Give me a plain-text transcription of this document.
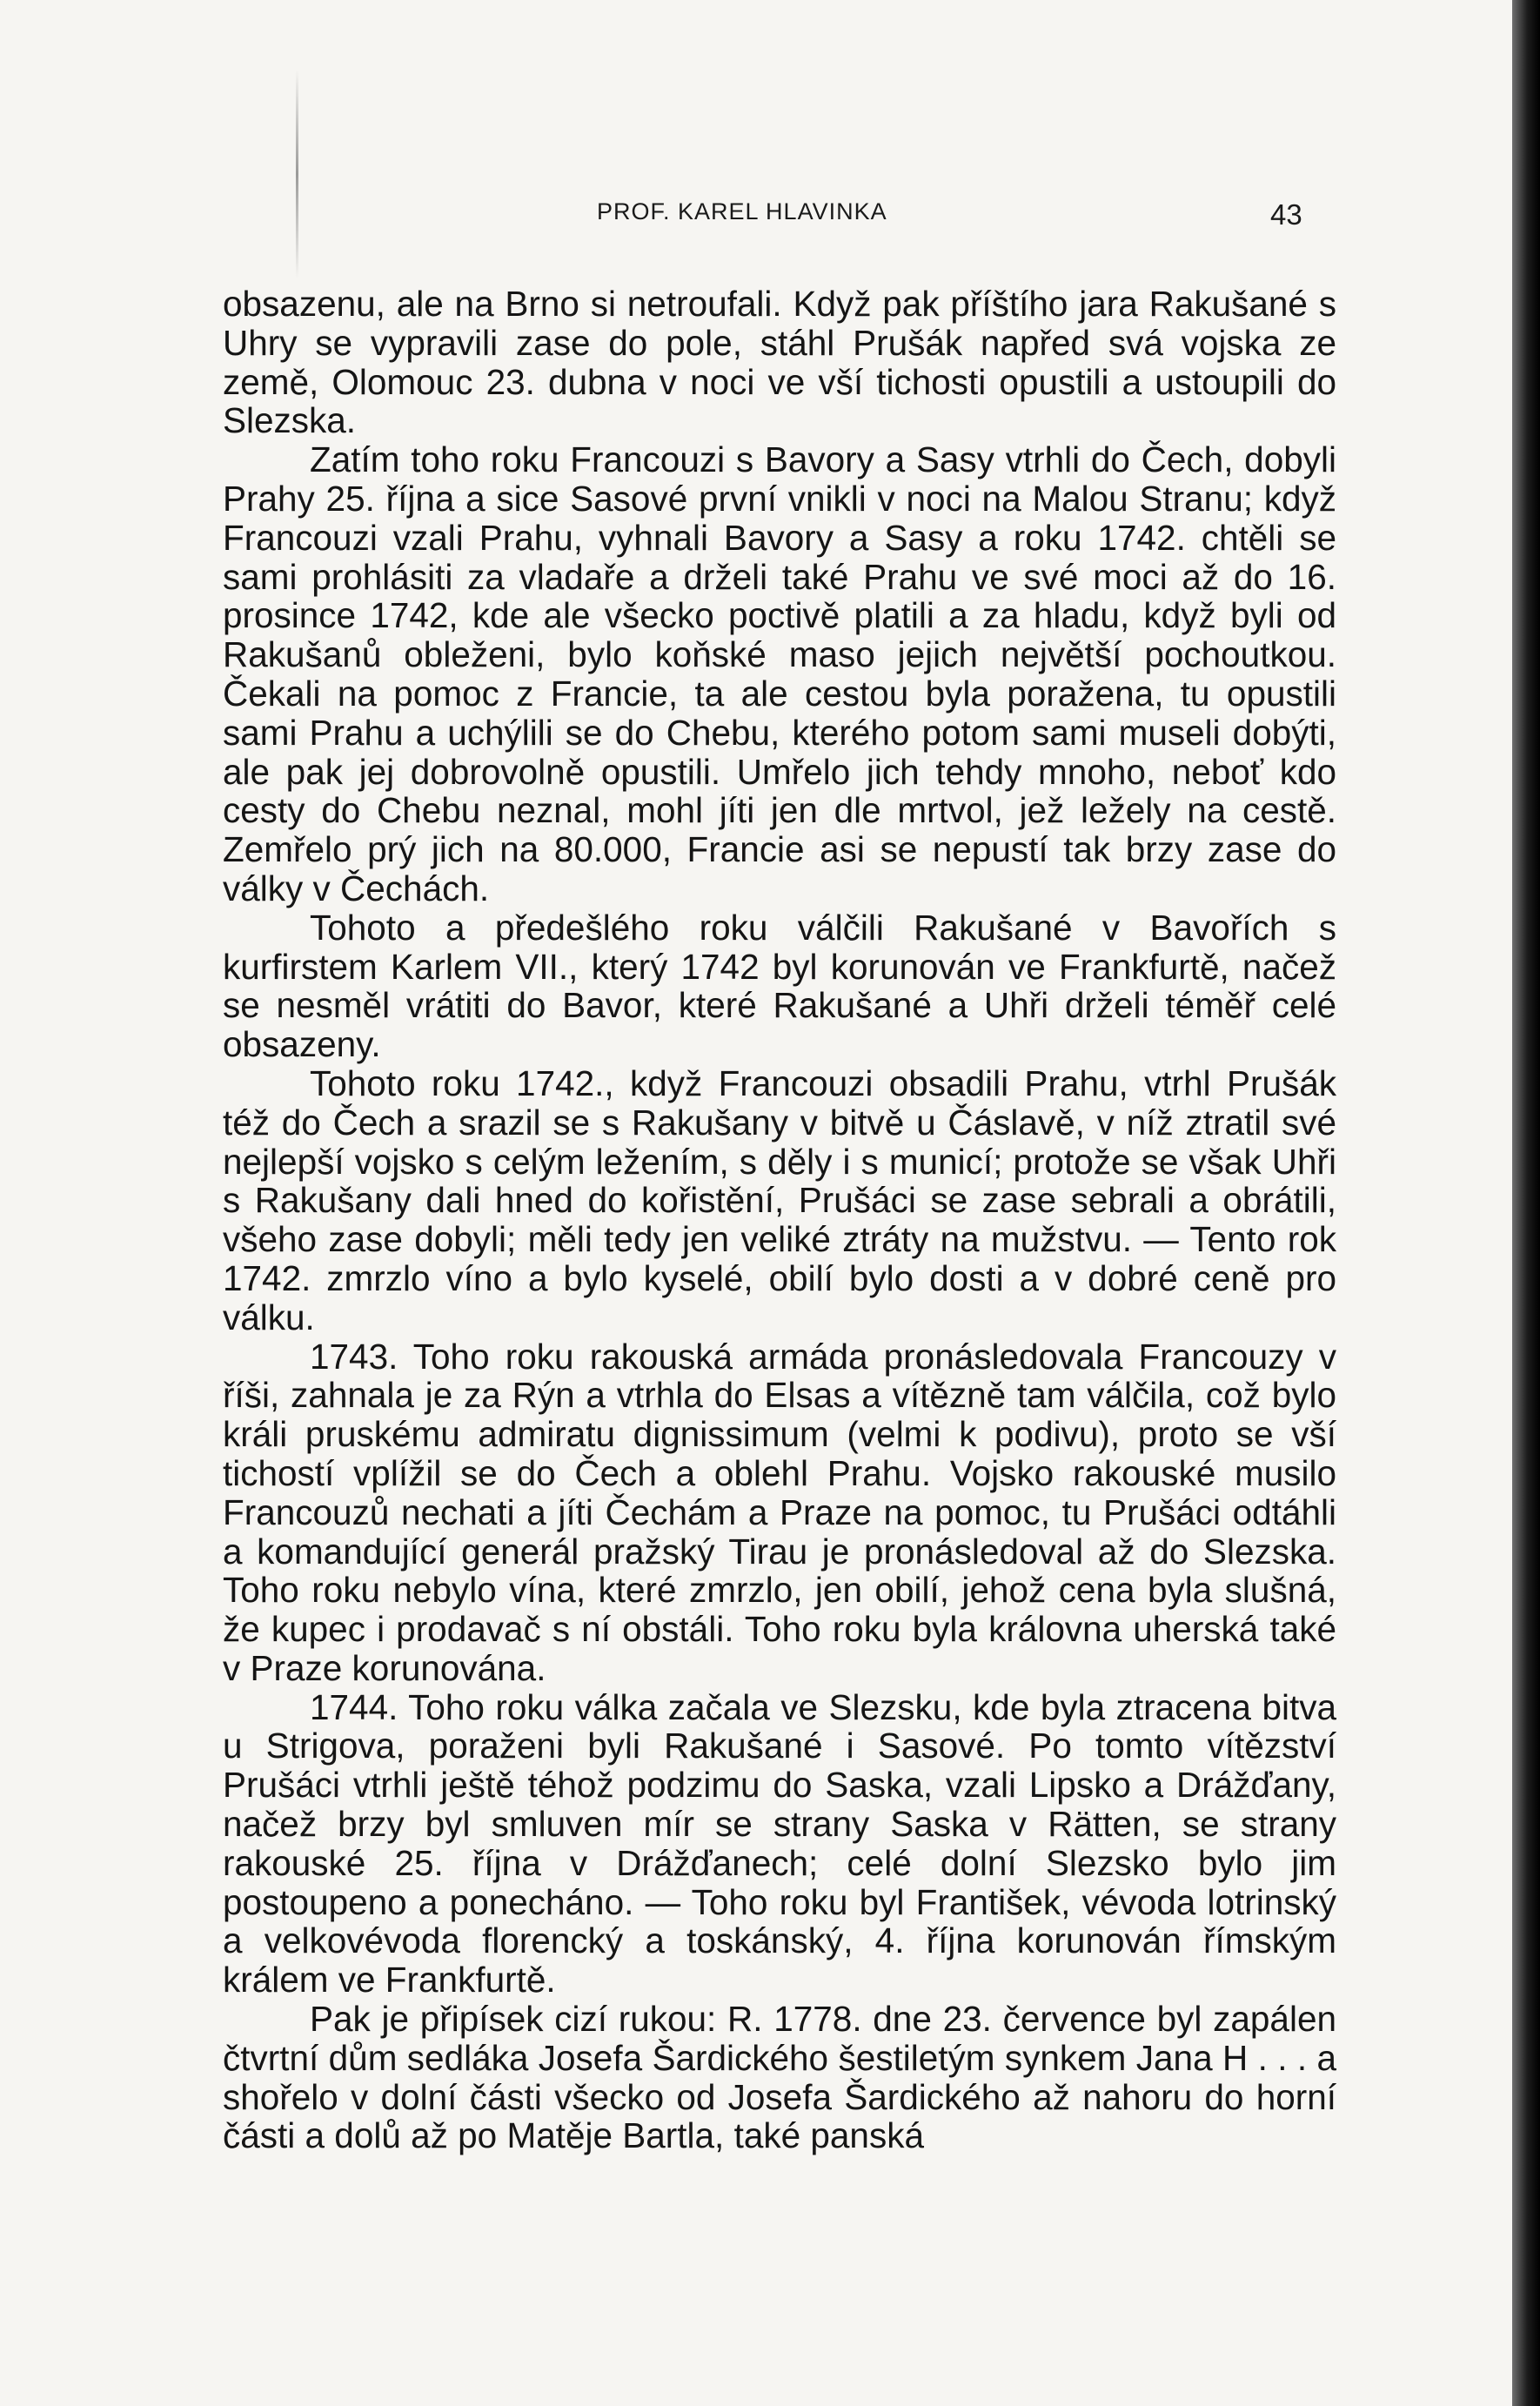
PROF. KAREL HLAVINKA	43

obsazenu, ale na Brno si netroufali. Když pak příštího jara Rakušané s Uhry se vypravili zase do pole, stáhl Prušák napřed svá vojska ze země, Olomouc 23. dubna v noci ve vší tichosti opustili a ustoupili do Slezska.

Zatím toho roku Francouzi s Bavory a Sasy vtrhli do Čech, dobyli Prahy 25. října a sice Sasové první vnikli v noci na Malou Stranu; když Francouzi vzali Prahu, vyhnali Bavory a Sasy a roku 1742. chtěli se sami prohlásiti za vladaře a drželi také Prahu ve své moci až do 16. prosince 1742, kde ale všecko poctivě platili a za hladu, když byli od Rakušanů obleženi, bylo koňské maso jejich největší pochoutkou. Čekali na pomoc z Francie, ta ale cestou byla poražena, tu opustili sami Prahu a uchýlili se do Chebu, kterého potom sami museli dobýti, ale pak jej dobrovolně opustili. Umřelo jich tehdy mnoho, neboť kdo cesty do Chebu neznal, mohl jíti jen dle mrtvol, jež ležely na cestě. Zemřelo prý jich na 80.000, Francie asi se nepustí tak brzy zase do války v Čechách.

Tohoto a předešlého roku válčili Rakušané v Bavořích s kurfirstem Karlem VII., který 1742 byl korunován ve Frankfurtě, načež se nesměl vrátiti do Bavor, které Rakušané a Uhři drželi téměř celé obsazeny.

Tohoto roku 1742., když Francouzi obsadili Prahu, vtrhl Prušák též do Čech a srazil se s Rakušany v bitvě u Čáslavě, v níž ztratil své nejlepší vojsko s celým ležením, s děly i s municí; protože se však Uhři s Rakušany dali hned do kořistění, Prušáci se zase sebrali a obrátili, všeho zase dobyli; měli tedy jen veliké ztráty na mužstvu. — Tento rok 1742. zmrzlo víno a bylo kyselé, obilí bylo dosti a v dobré ceně pro válku.

1743. Toho roku rakouská armáda pronásledovala Francouzy v říši, zahnala je za Rýn a vtrhla do Elsas a vítězně tam válčila, což bylo králi pruskému admiratu dignissimum (velmi k podivu), proto se vší tichostí vplížil se do Čech a oblehl Prahu. Vojsko rakouské musilo Francouzů nechati a jíti Čechám a Praze na pomoc, tu Prušáci odtáhli a komandující generál pražský Tirau je pronásledoval až do Slezska. Toho roku nebylo vína, které zmrzlo, jen obilí, jehož cena byla slušná, že kupec i prodavač s ní obstáli. Toho roku byla královna uherská také v Praze korunována.

1744. Toho roku válka začala ve Slezsku, kde byla ztracena bitva u Strigova, poraženi byli Rakušané i Sasové. Po tomto vítězství Prušáci vtrhli ještě téhož podzimu do Saska, vzali Lipsko a Drážďany, načež brzy byl smluven mír se strany Saska v Rätten, se strany rakouské 25. října v Drážďanech; celé dolní Slezsko bylo jim postoupeno a ponecháno. — Toho roku byl František, vévoda lotrinský a velkovévoda florencký a toskánský, 4. října korunován římským králem ve Frankfurtě.

Pak je připísek cizí rukou: R. 1778. dne 23. července byl zapálen čtvrtní dům sedláka Josefa Šardického šestiletým synkem Jana H . . . a shořelo v dolní části všecko od Josefa Šardického až nahoru do horní části a dolů až po Matěje Bartla, také panská
